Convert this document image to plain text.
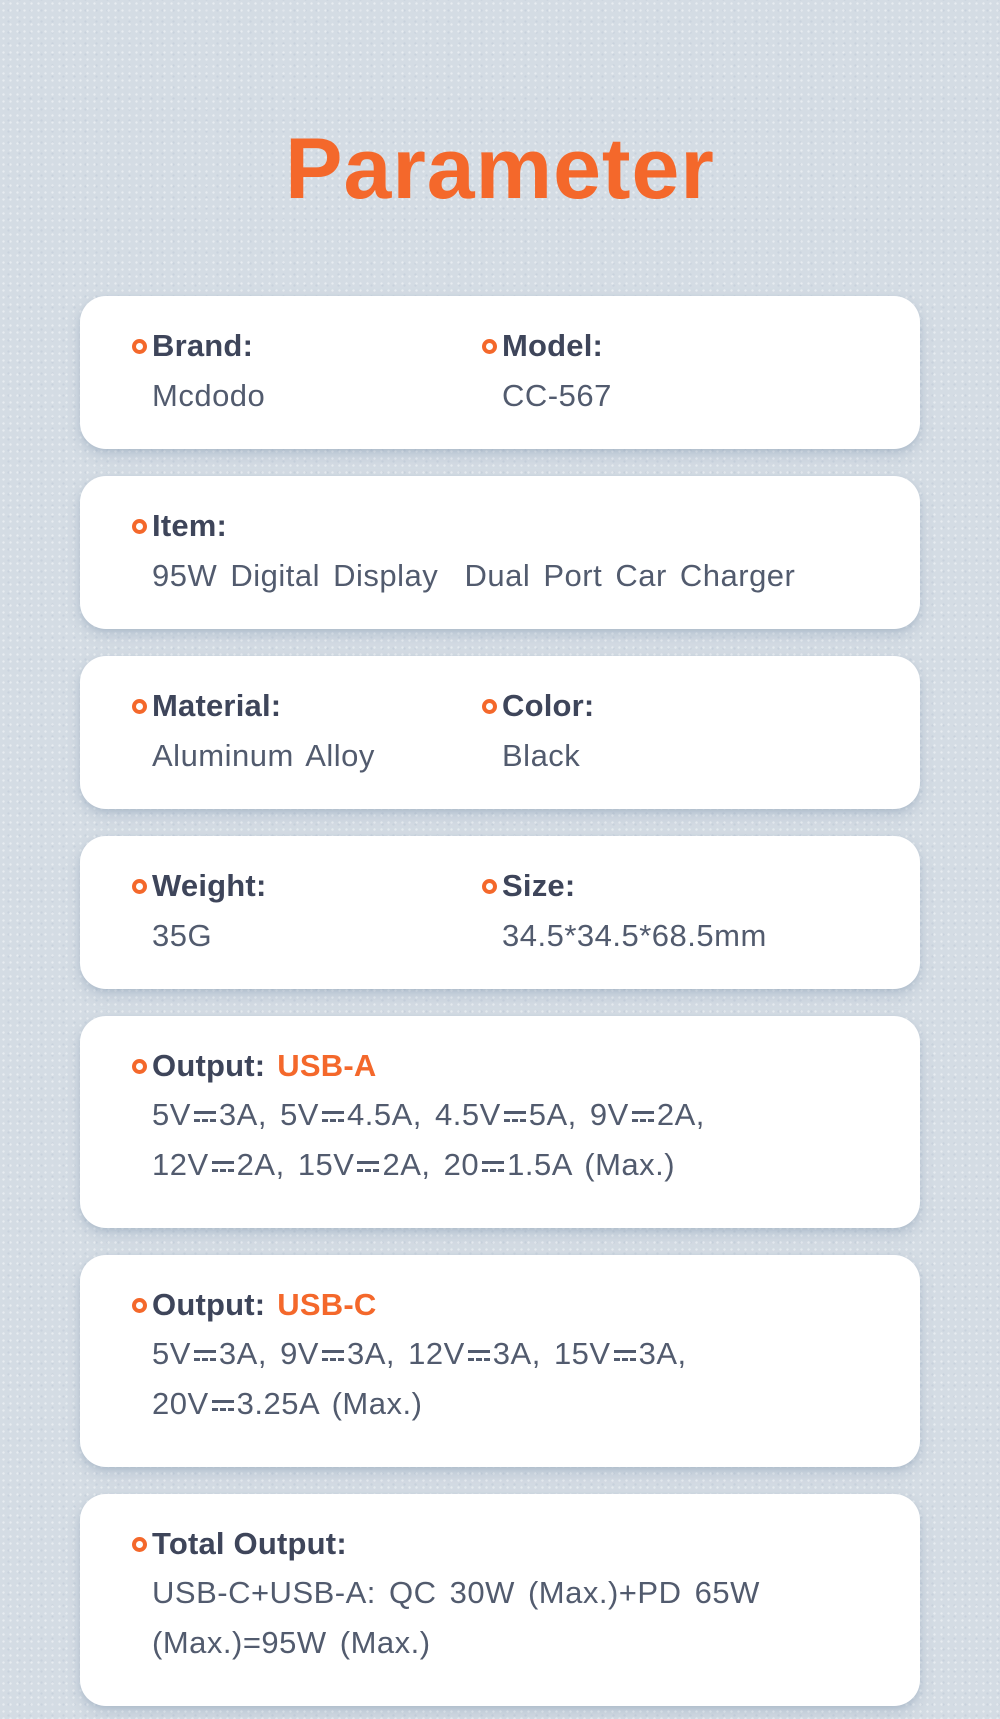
Parameter
Brand:
Mcdodo
Model:
CC-567
Item:
95W Digital Display  Dual Port Car Charger
Material:
Aluminum Alloy
Color:
Black
Weight:
35G
Size:
34.5*34.5*68.5mm
Output: USB-A
5V 3A, 5V 4.5A, 4.5V 5A, 9V 2A,
12V 2A, 15V 2A, 20 1.5A (Max.)
Output: USB-C
5V 3A, 9V 3A, 12V 3A, 15V 3A,
20V 3.25A (Max.)
Total Output:
USB-C+USB-A: QC 30W (Max.)+PD 65W
(Max.)=95W (Max.)
